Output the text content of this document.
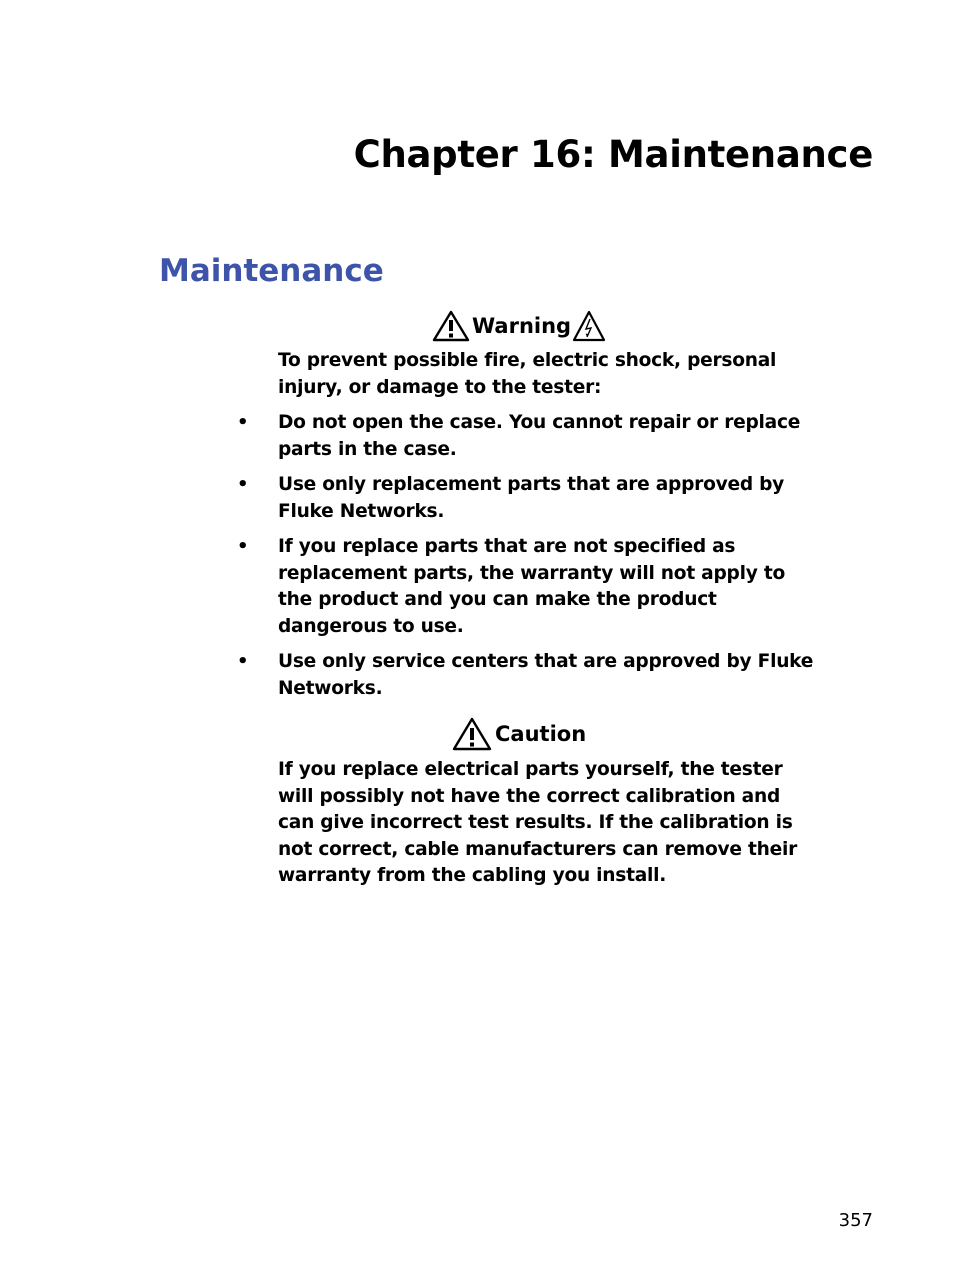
Chapter 16: Maintenance
Maintenance
Warning

To prevent possible fire, electric shock, personal injury, or damage to the tester:

• Do not open the case. You cannot repair or replace parts in the case.
• Use only replacement parts that are approved by Fluke Networks.
• If you replace parts that are not specified as replacement parts, the warranty will not apply to the product and you can make the product dangerous to use.
• Use only service centers that are approved by Fluke Networks.
Caution

If you replace electrical parts yourself, the tester will possibly not have the correct calibration and can give incorrect test results. If the calibration is not correct, cable manufacturers can remove their warranty from the cabling you install.

357
